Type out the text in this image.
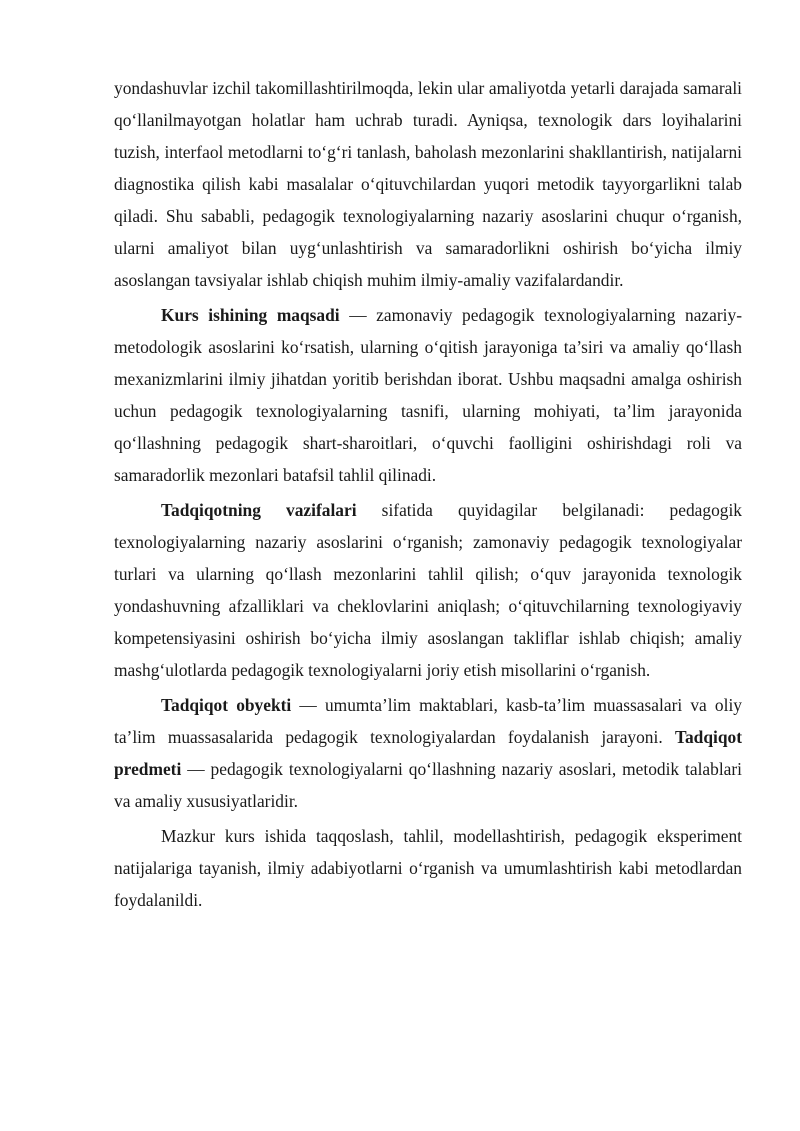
yondashuvlar izchil takomillashtirilmoqda, lekin ular amaliyotda yetarli darajada samarali qo‘llanilmayotgan holatlar ham uchrab turadi. Ayniqsa, texnologik dars loyihalarini tuzish, interfaol metodlarni to‘g‘ri tanlash, baholash mezonlarini shakllantirish, natijalarni diagnostika qilish kabi masalalar o‘qituvchilardan yuqori metodik tayyorgarlikni talab qiladi. Shu sababli, pedagogik texnologiyalarning nazariy asoslarini chuqur o‘rganish, ularni amaliyot bilan uyg‘unlashtirish va samaradorlikni oshirish bo‘yicha ilmiy asoslangan tavsiyalar ishlab chiqish muhim ilmiy-amaliy vazifalardandir.

Kurs ishining maqsadi — zamonaviy pedagogik texnologiyalarning nazariy-metodologik asoslarini ko‘rsatish, ularning o‘qitish jarayoniga ta’siri va amaliy qo‘llash mexanizmlarini ilmiy jihatdan yoritib berishdan iborat. Ushbu maqsadni amalga oshirish uchun pedagogik texnologiyalarning tasnifi, ularning mohiyati, ta’lim jarayonida qo‘llashning pedagogik shart-sharoitlari, o‘quvchi faolligini oshirishdagi roli va samaradorlik mezonlari batafsil tahlil qilinadi.

Tadqiqotning vazifalari sifatida quyidagilar belgilanadi: pedagogik texnologiyalarning nazariy asoslarini o‘rganish; zamonaviy pedagogik texnologiyalar turlari va ularning qo‘llash mezonlarini tahlil qilish; o‘quv jarayonida texnologik yondashuvning afzalliklari va cheklovlarini aniqlash; o‘qituvchilarning texnologiyaviy kompetensiyasini oshirish bo‘yicha ilmiy asoslangan takliflar ishlab chiqish; amaliy mashg‘ulotlarda pedagogik texnologiyalarni joriy etish misollarini o‘rganish.

Tadqiqot obyekti — umumta’lim maktablari, kasb-ta’lim muassasalari va oliy ta’lim muassasalarida pedagogik texnologiyalardan foydalanish jarayoni. Tadqiqot predmeti — pedagogik texnologiyalarni qo‘llashning nazariy asoslari, metodik talablari va amaliy xususiyatlaridir.

Mazkur kurs ishida taqqoslash, tahlil, modellashtirish, pedagogik eksperiment natijalariga tayanish, ilmiy adabiyotlarni o‘rganish va umumlashtirish kabi metodlardan foydalanildi.
